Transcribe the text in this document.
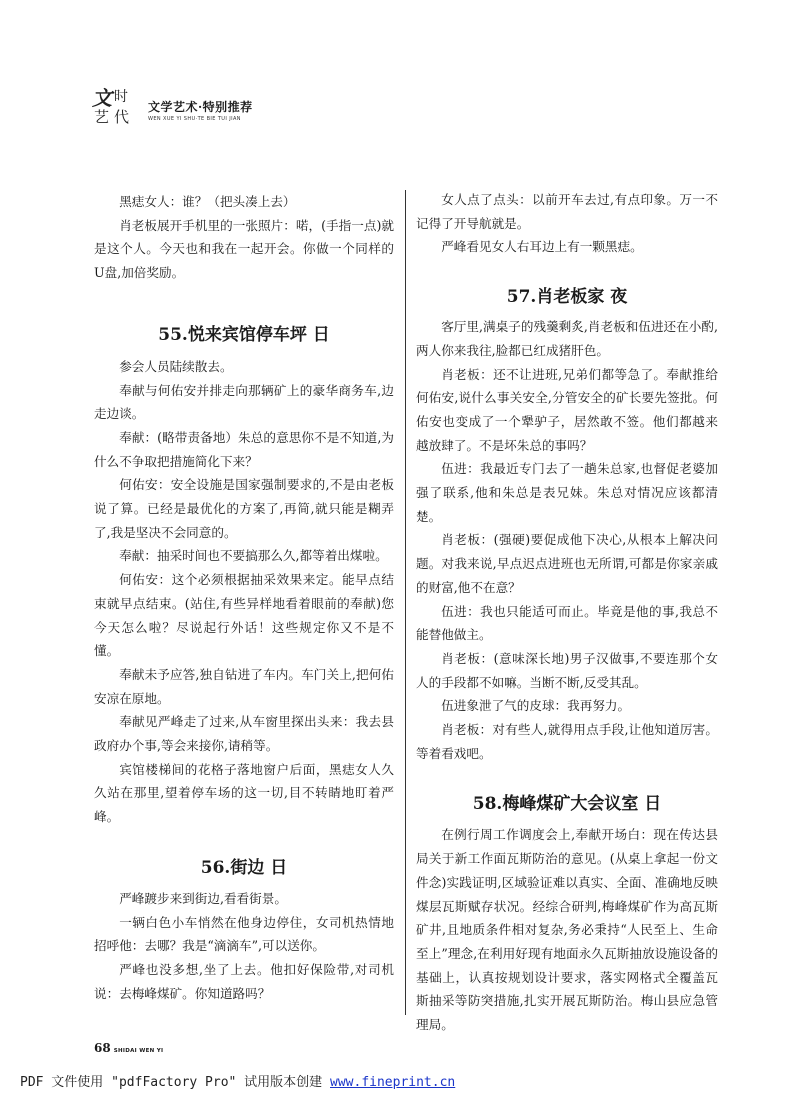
文 时
艺 代
文学艺术·特别推荐
WEN XUE YI SHU·TE BIE TUI JIAN

黑痣女人：谁？（把头凑上去）

肖老板展开手机里的一张照片：喏，(手指一点)就是这个人。今天也和我在一起开会。你做一个同样的U盘,加倍奖励。

55.悦来宾馆停车坪 日

参会人员陆续散去。

奉献与何佑安并排走向那辆矿上的豪华商务车,边走边谈。

奉献：(略带责备地）朱总的意思你不是不知道,为什么不争取把措施简化下来？

何佑安：安全设施是国家强制要求的,不是由老板说了算。已经是最优化的方案了,再简,就只能是糊弄了,我是坚决不会同意的。

奉献：抽采时间也不要搞那么久,都等着出煤啦。

何佑安：这个必须根据抽采效果来定。能早点结束就早点结束。(站住,有些异样地看着眼前的奉献)您今天怎么啦？尽说起行外话！这些规定你又不是不懂。

奉献未予应答,独自钻进了车内。车门关上,把何佑安凉在原地。

奉献见严峰走了过来,从车窗里探出头来：我去县政府办个事,等会来接你,请稍等。

宾馆楼梯间的花格子落地窗户后面，黑痣女人久久站在那里,望着停车场的这一切,目不转睛地盯着严峰。

56.街边 日

严峰踱步来到街边,看看街景。

一辆白色小车悄然在他身边停住，女司机热情地招呼他：去哪？我是“滴滴车”,可以送你。

严峰也没多想,坐了上去。他扣好保险带,对司机说：去梅峰煤矿。你知道路吗？

女人点了点头：以前开车去过,有点印象。万一不记得了开导航就是。

严峰看见女人右耳边上有一颗黑痣。

57.肖老板家 夜

客厅里,满桌子的残羹剩炙,肖老板和伍进还在小酌,两人你来我往,脸都已红成猪肝色。

肖老板：还不让进班,兄弟们都等急了。奉献推给何佑安,说什么事关安全,分管安全的矿长要先签批。何佑安也变成了一个犟驴子，居然敢不签。他们都越来越放肆了。不是坏朱总的事吗？

伍进：我最近专门去了一趟朱总家,也督促老婆加强了联系,他和朱总是表兄妹。朱总对情况应该都清楚。

肖老板：(强硬)要促成他下决心,从根本上解决问题。对我来说,早点迟点进班也无所谓,可都是你家亲戚的财富,他不在意？

伍进：我也只能适可而止。毕竟是他的事,我总不能替他做主。

肖老板：(意味深长地)男子汉做事,不要连那个女人的手段都不如嘛。当断不断,反受其乱。

伍进象泄了气的皮球：我再努力。

肖老板：对有些人,就得用点手段,让他知道厉害。等着看戏吧。

58.梅峰煤矿大会议室 日

在例行周工作调度会上,奉献开场白：现在传达县局关于新工作面瓦斯防治的意见。(从桌上拿起一份文件念)实践证明,区域验证难以真实、全面、准确地反映煤层瓦斯赋存状况。经综合研判,梅峰煤矿作为高瓦斯矿井,且地质条件相对复杂,务必秉持“人民至上、生命至上”理念,在利用好现有地面永久瓦斯抽放设施设备的基础上，认真按规划设计要求，落实网格式全覆盖瓦斯抽采等防突措施,扎实开展瓦斯防治。梅山县应急管理局。

68 SHIDAI WEN YI
PDF 文件使用 "pdfFactory Pro" 试用版本创建 www.fineprint.cn
